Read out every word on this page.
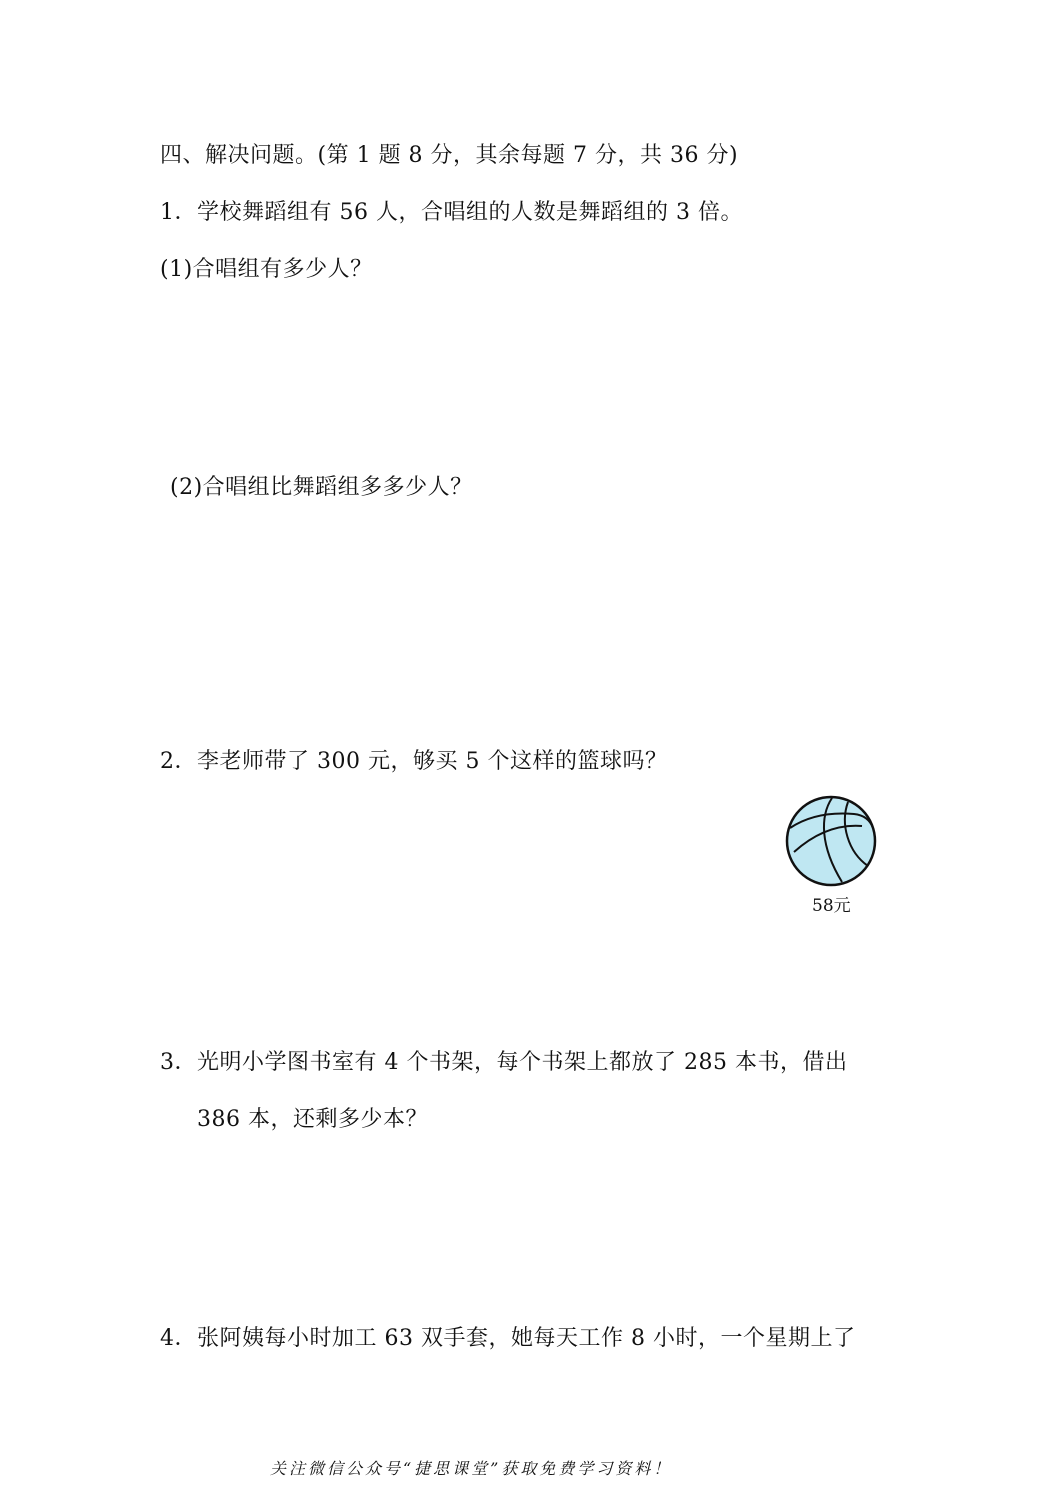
四、解决问题。(第 1 题 8 分，其余每题 7 分，共 36 分)
1．学校舞蹈组有 56 人，合唱组的人数是舞蹈组的 3 倍。
(1)合唱组有多少人？
(2)合唱组比舞蹈组多多少人？
2．李老师带了 300 元，够买 5 个这样的篮球吗？
58元
3．光明小学图书室有 4 个书架，每个书架上都放了 285 本书，借出
386 本，还剩多少本？
4．张阿姨每小时加工 63 双手套，她每天工作 8 小时，一个星期上了
关注微信公众号“捷思课堂”获取免费学习资料！
